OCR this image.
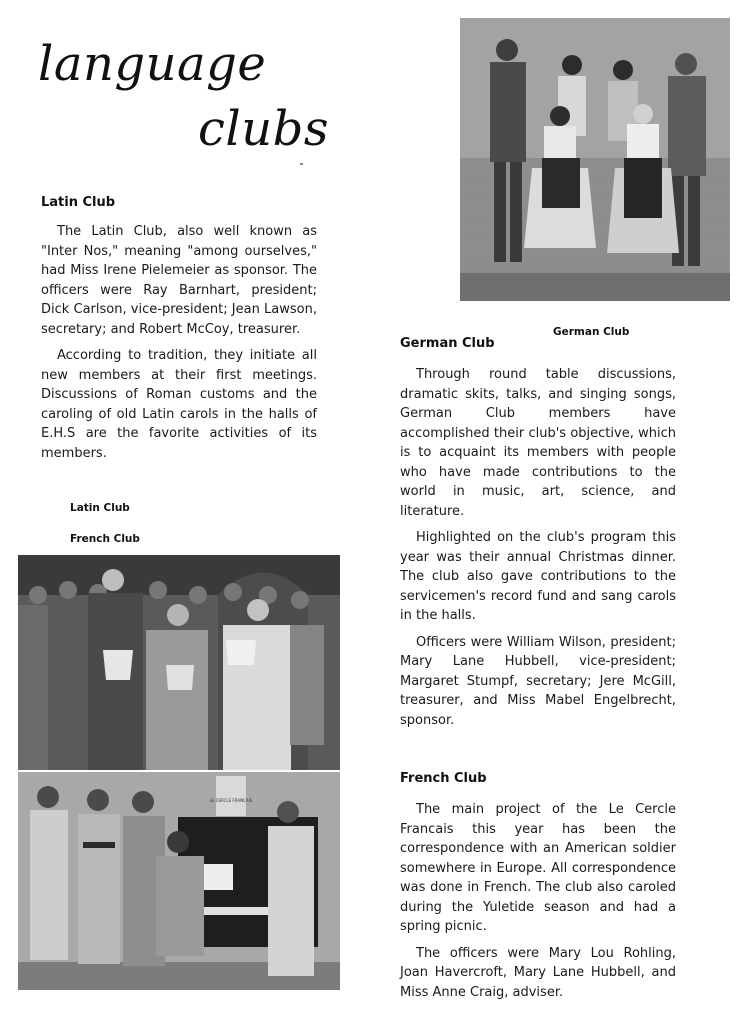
language
clubs
Latin Club

The Latin Club, also well known as "Inter Nos," meaning "among ourselves," had Miss Irene Pielemeier as sponsor. The officers were Ray Barnhart, president; Dick Carlson, vice-president; Jean Lawson, secretary; and Robert McCoy, treasurer.

According to tradition, they initiate all new members at their first meetings. Discussions of Roman customs and the caroling of old Latin carols in the halls of E.H.S are the favorite activities of its members.

Latin Club
French Club
German Club
German Club

Through round table discussions, dramatic skits, talks, and singing songs, German Club members have accomplished their club's objective, which is to acquaint its members with people who have made contributions to the world in music, art, science, and literature.

Highlighted on the club's program this year was their annual Christmas dinner. The club also gave contributions to the servicemen's record fund and sang carols in the halls.

Officers were William Wilson, president; Mary Lane Hubbell, vice-president; Margaret Stumpf, secretary; Jere McGill, treasurer, and Miss Mabel Engelbrecht, sponsor.

LE CERCLE FRANCAIS
French Club

The main project of the Le Cercle Francais this year has been the correspondence with an American soldier somewhere in Europe. All correspondence was done in French. The club also caroled during the Yuletide season and had a spring picnic.

The officers were Mary Lou Rohling, Joan Havercroft, Mary Lane Hubbell, and Miss Anne Craig, adviser.
